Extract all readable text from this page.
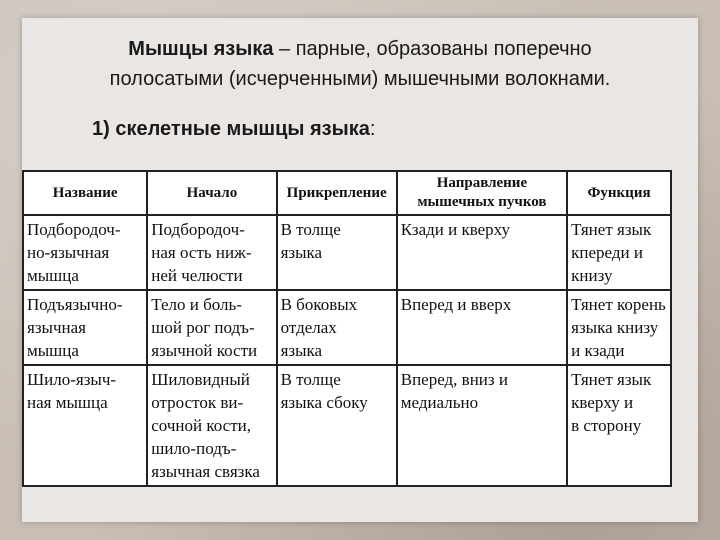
Мышцы языка – парные, образованы поперечно
полосатыми (исчерченными) мышечными волокнами.
1) скелетные мышцы языка:
Название	Начало	Прикрепление	Направление
мышечных пучков	Функция

Подбородоч-
но-язычная
мышца	Подбородоч-
ная ость ниж-
ней челюсти	В толще
языка	Кзади и кверху	Тянет язык
кпереди и
книзу

Подъязычно-
язычная
мышца	Тело и боль-
шой рог подъ-
язычной кости	В боковых
отделах
языка	Вперед и вверх	Тянет корень
языка книзу
и кзади

Шило-языч-
ная мышца	Шиловидный
отросток ви-
сочной кости,
шило-подъ-
язычная связка	В толще
языка сбоку	Вперед, вниз и
медиально	Тянет язык
кверху и
в сторону
